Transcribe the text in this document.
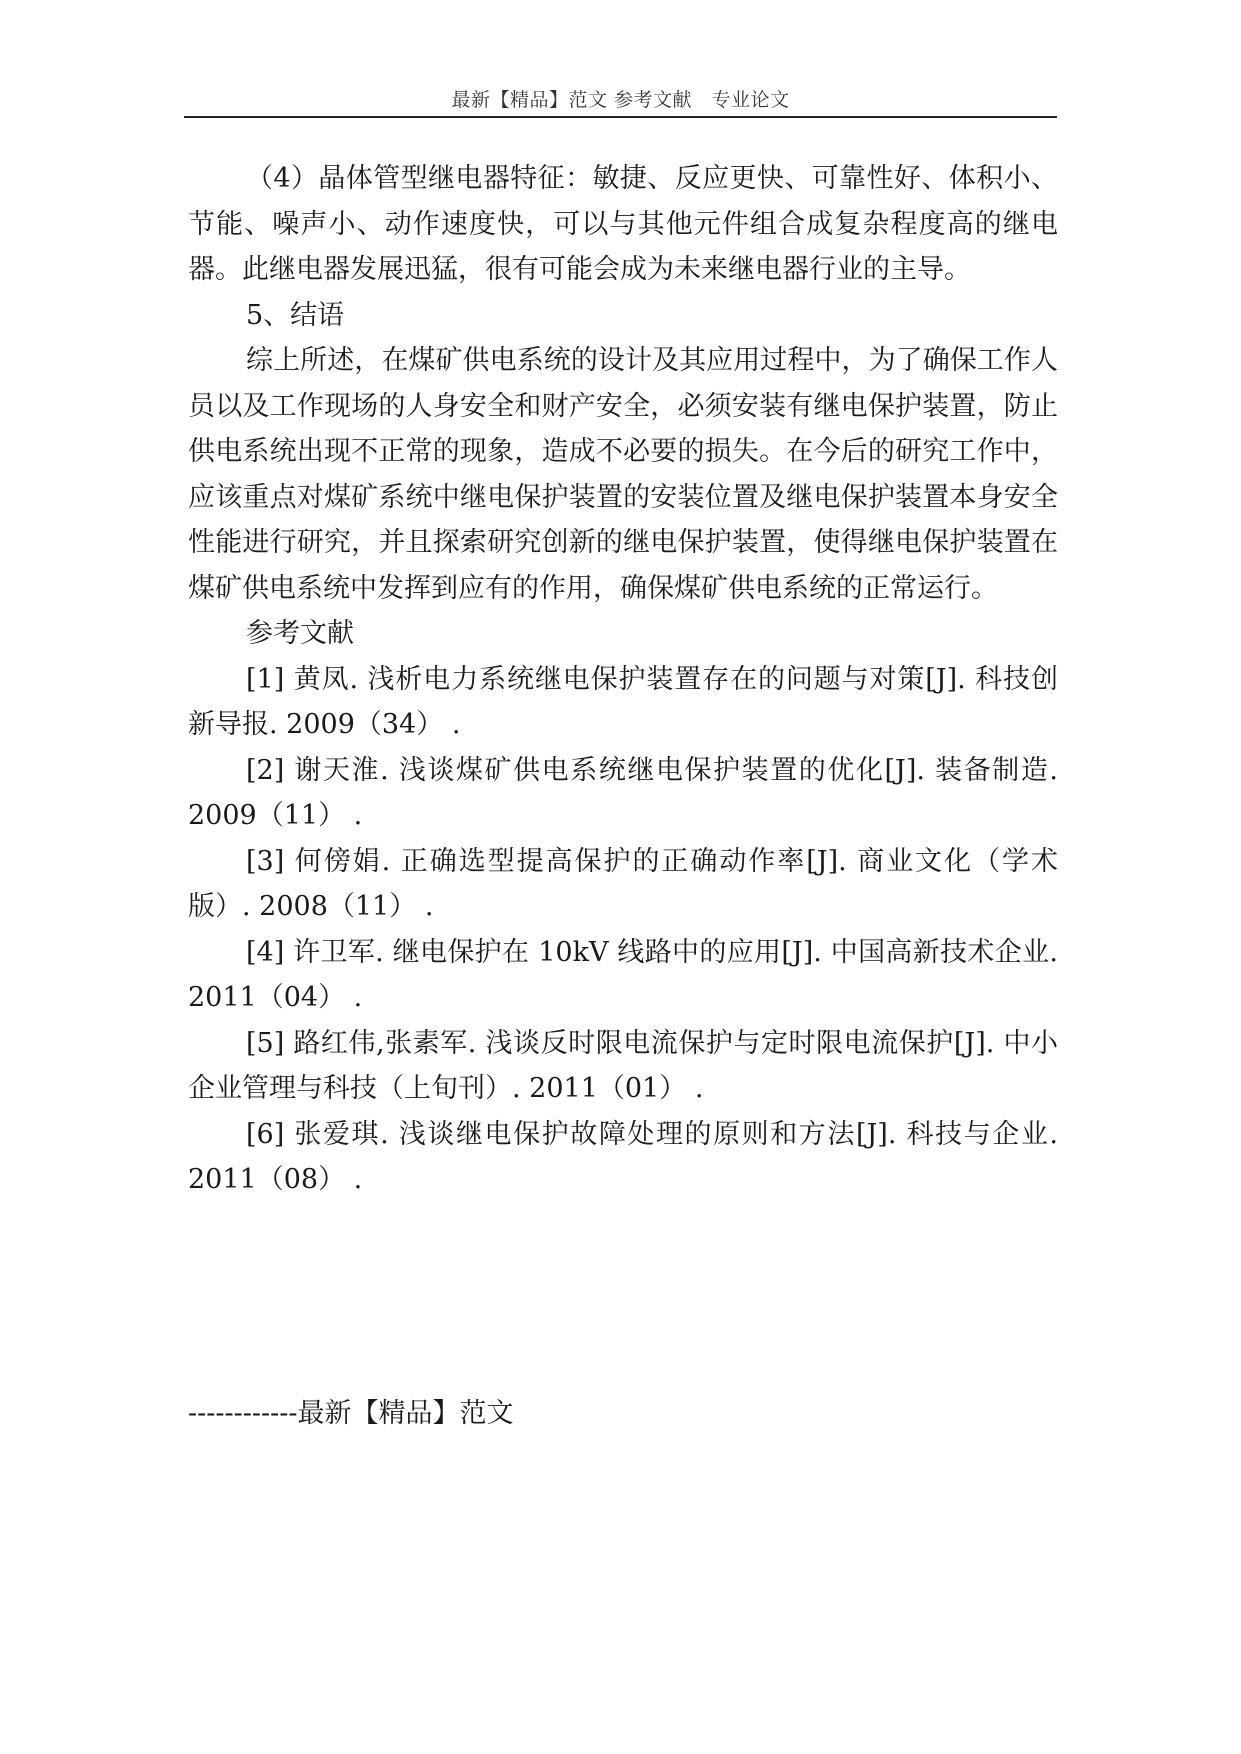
最新【精品】范文 参考文献　专业论文

（4）晶体管型继电器特征：敏捷、反应更快、可靠性好、体积小、节能、噪声小、动作速度快，可以与其他元件组合成复杂程度高的继电器。此继电器发展迅猛，很有可能会成为未来继电器行业的主导。

5、结语

综上所述，在煤矿供电系统的设计及其应用过程中，为了确保工作人员以及工作现场的人身安全和财产安全，必须安装有继电保护装置，防止供电系统出现不正常的现象，造成不必要的损失。在今后的研究工作中，应该重点对煤矿系统中继电保护装置的安装位置及继电保护装置本身安全性能进行研究，并且探索研究创新的继电保护装置，使得继电保护装置在煤矿供电系统中发挥到应有的作用，确保煤矿供电系统的正常运行。

参考文献

[1] 黄凤. 浅析电力系统继电保护装置存在的问题与对策[J]. 科技创新导报. 2009（34） .

[2] 谢天淮. 浅谈煤矿供电系统继电保护装置的优化[J]. 装备制造. 2009（11） .

[3] 何傍娟. 正确选型提高保护的正确动作率[J]. 商业文化（学术版）. 2008（11） .

[4] 许卫军. 继电保护在 10kV 线路中的应用[J]. 中国高新技术企业. 2011（04） .

[5] 路红伟,张素军. 浅谈反时限电流保护与定时限电流保护[J]. 中小企业管理与科技（上旬刊）. 2011（01） .

[6] 张爱琪. 浅谈继电保护故障处理的原则和方法[J]. 科技与企业. 2011（08） .

------------最新【精品】范文
